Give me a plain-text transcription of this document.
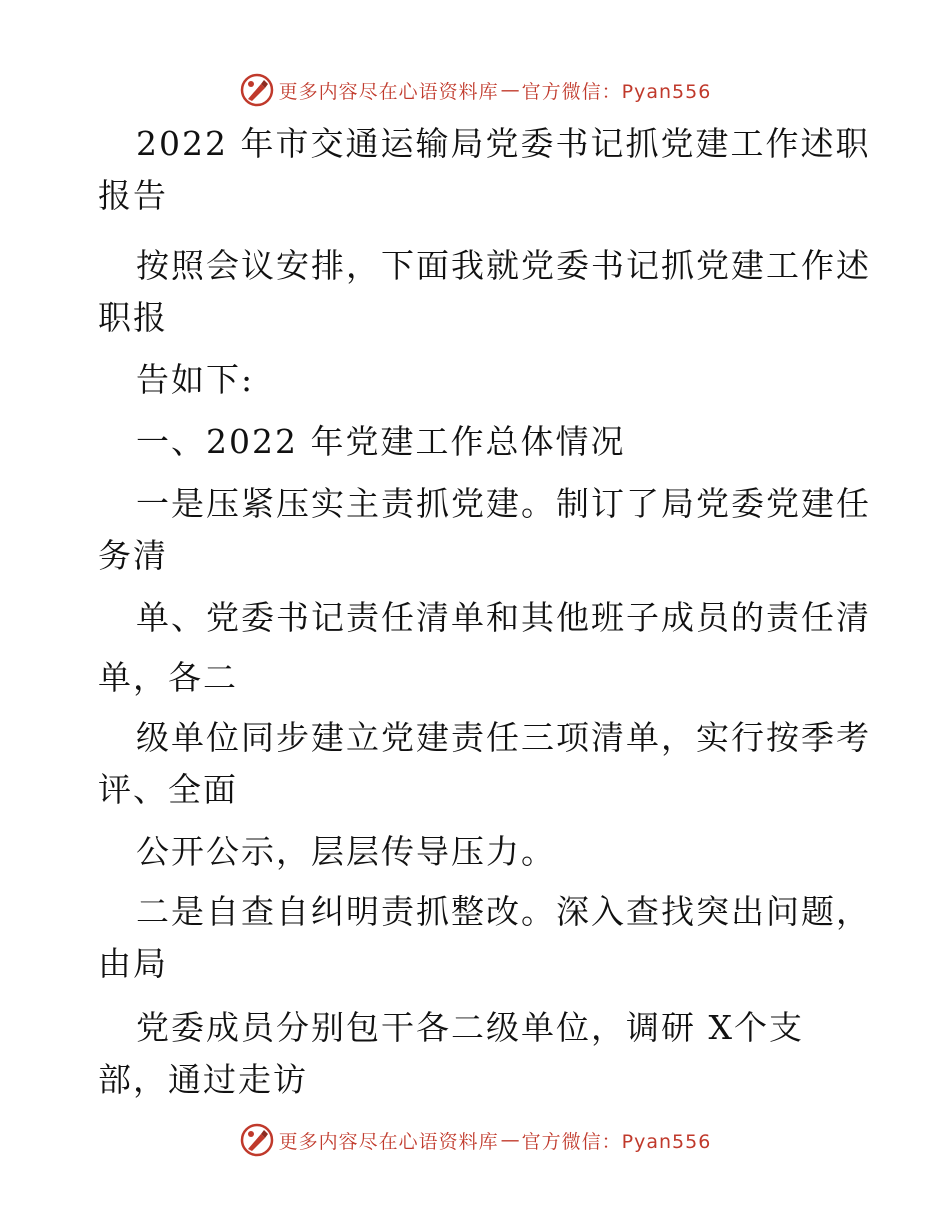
更多内容尽在心语资料库 — 官方微信：Pyan556
2022 年市交通运输局党委书记抓党建工作述职
报告
按照会议安排，下面我就党委书记抓党建工作述
职报
告如下:
一、2022 年党建工作总体情况
一是压紧压实主责抓党建。制订了局党委党建任
务清
单、党委书记责任清单和其他班子成员的责任清
单，各二
级单位同步建立党建责任三项清单，实行按季考
评、全面
公开公示，层层传导压力。
二是自查自纠明责抓整改。深入查找突出问题，
由局
党委成员分别包干各二级单位，调研 X个支
部，通过走访
更多内容尽在心语资料库 — 官方微信：Pyan556
